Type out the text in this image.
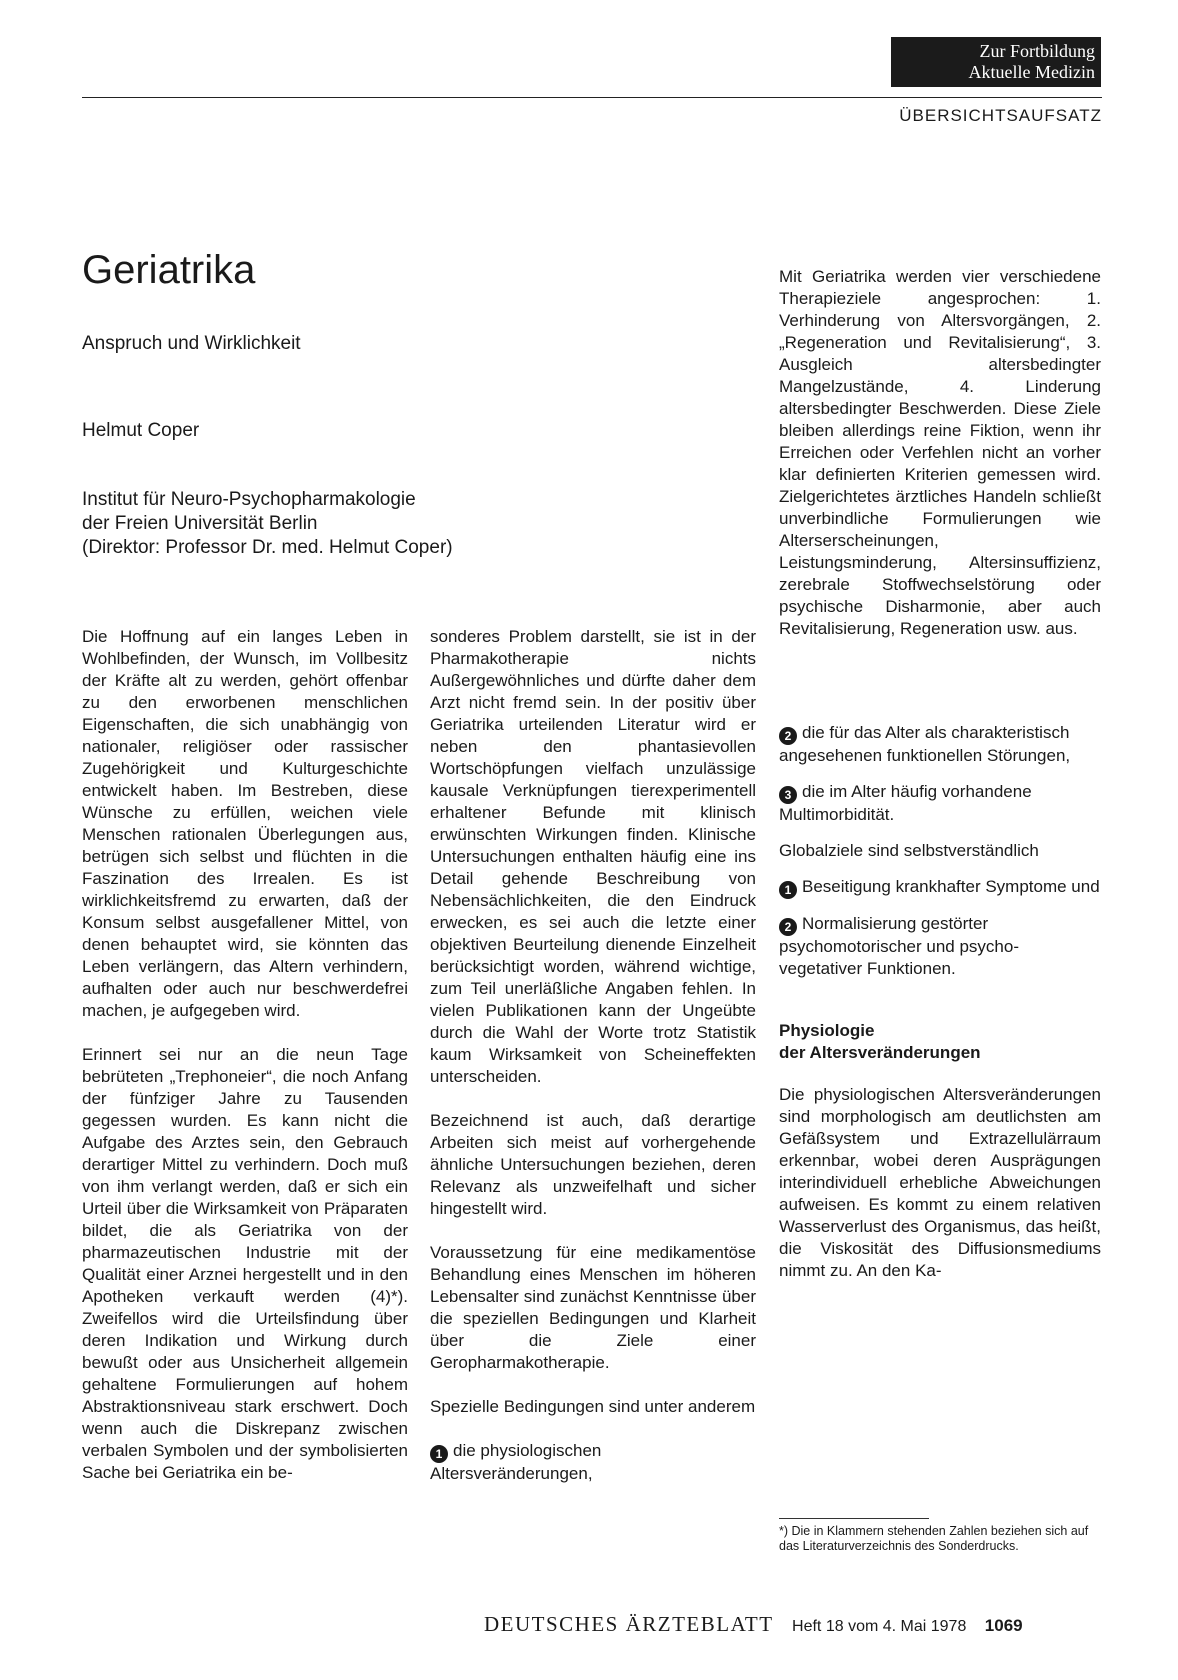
Zur Fortbildung
Aktuelle Medizin
ÜBERSICHTSAUFSATZ
Geriatrika
Anspruch und Wirklichkeit
Helmut Coper
Institut für Neuro-Psychopharmakologie
der Freien Universität Berlin
(Direktor: Professor Dr. med. Helmut Coper)

Die Hoffnung auf ein langes Leben in Wohlbefinden, der Wunsch, im Vollbesitz der Kräfte alt zu werden, gehört offenbar zu den erworbenen menschlichen Eigenschaften, die sich unabhängig von nationaler, religiöser oder rassischer Zugehörigkeit und Kulturgeschichte entwickelt haben. Im Bestreben, diese Wünsche zu erfüllen, weichen viele Menschen rationalen Überlegungen aus, betrügen sich selbst und flüchten in die Faszination des Irrealen. Es ist wirklichkeitsfremd zu erwarten, daß der Konsum selbst ausgefallener Mittel, von denen behauptet wird, sie könnten das Leben verlängern, das Altern verhindern, aufhalten oder auch nur beschwerdefrei machen, je aufgegeben wird.

Erinnert sei nur an die neun Tage bebrüteten „Trephoneier“, die noch Anfang der fünfziger Jahre zu Tausenden gegessen wurden. Es kann nicht die Aufgabe des Arztes sein, den Gebrauch derartiger Mittel zu verhindern. Doch muß von ihm verlangt werden, daß er sich ein Urteil über die Wirksamkeit von Präparaten bildet, die als Geriatrika von der pharmazeutischen Industrie mit der Qualität einer Arznei hergestellt und in den Apotheken verkauft werden (4)*). Zweifellos wird die Urteilsfindung über deren Indikation und Wirkung durch bewußt oder aus Unsicherheit allgemein gehaltene Formulierungen auf hohem Abstraktionsniveau stark erschwert. Doch wenn auch die Diskrepanz zwischen verbalen Symbolen und der symbolisierten Sache bei Geriatrika ein be-

sonderes Problem darstellt, sie ist in der Pharmakotherapie nichts Außergewöhnliches und dürfte daher dem Arzt nicht fremd sein. In der positiv über Geriatrika urteilenden Literatur wird er neben den phantasievollen Wortschöpfungen vielfach unzulässige kausale Verknüpfungen tierexperimentell erhaltener Befunde mit klinisch erwünschten Wirkungen finden. Klinische Untersuchungen enthalten häufig eine ins Detail gehende Beschreibung von Nebensächlichkeiten, die den Eindruck erwecken, es sei auch die letzte einer objektiven Beurteilung dienende Einzelheit berücksichtigt worden, während wichtige, zum Teil unerläßliche Angaben fehlen. In vielen Publikationen kann der Ungeübte durch die Wahl der Worte trotz Statistik kaum Wirksamkeit von Scheineffekten unterscheiden.

Bezeichnend ist auch, daß derartige Arbeiten sich meist auf vorhergehende ähnliche Untersuchungen beziehen, deren Relevanz als unzweifelhaft und sicher hingestellt wird.

Voraussetzung für eine medikamentöse Behandlung eines Menschen im höheren Lebensalter sind zunächst Kenntnisse über die speziellen Bedingungen und Klarheit über die Ziele einer Geropharmakotherapie.

Spezielle Bedingungen sind unter anderem

1 die physiologischen Altersveränderungen,

Mit Geriatrika werden vier verschiedene Therapieziele angesprochen: 1. Verhinderung von Altersvorgängen, 2. „Regeneration und Revitalisierung“, 3. Ausgleich altersbedingter Mangelzustände, 4. Linderung altersbedingter Beschwerden. Diese Ziele bleiben allerdings reine Fiktion, wenn ihr Erreichen oder Verfehlen nicht an vorher klar definierten Kriterien gemessen wird. Zielgerichtetes ärztliches Handeln schließt unverbindliche Formulierungen wie Alterserscheinungen, Leistungsminderung, Altersinsuffizienz, zerebrale Stoffwechselstörung oder psychische Disharmonie, aber auch Revitalisierung, Regeneration usw. aus.

2 die für das Alter als charakteristisch angesehenen funktionellen Störungen,

3 die im Alter häufig vorhandene Multimorbidität.

Globalziele sind selbstverständlich

1 Beseitigung krankhafter Symptome und

2 Normalisierung gestörter psychomotorischer und psycho-vegetativer Funktionen.

Physiologie
der Altersveränderungen

Die physiologischen Altersveränderungen sind morphologisch am deutlichsten am Gefäßsystem und Extrazellulärraum erkennbar, wobei deren Ausprägungen interindividuell erhebliche Abweichungen aufweisen. Es kommt zu einem relativen Wasserverlust des Organismus, das heißt, die Viskosität des Diffusionsmediums nimmt zu. An den Ka-

*) Die in Klammern stehenden Zahlen beziehen sich auf das Literaturverzeichnis des Sonderdrucks.
DEUTSCHES ÄRZTEBLATT Heft 18 vom 4. Mai 1978 1069
